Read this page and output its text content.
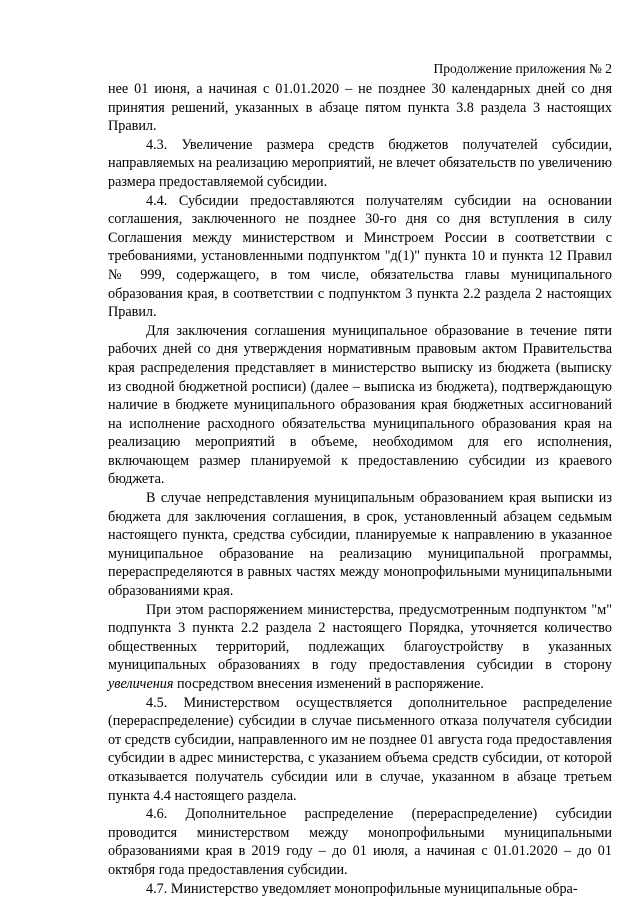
Продолжение приложения № 2

нее 01 июня, а начиная с 01.01.2020 – не позднее 30 календарных дней со дня принятия решений, указанных в абзаце пятом пункта 3.8 раздела 3 настоящих Правил.

4.3. Увеличение размера средств бюджетов получателей субсидии, направляемых на реализацию мероприятий, не влечет обязательств по увеличению размера предоставляемой субсидии.

4.4. Субсидии предоставляются получателям субсидии на основании соглашения, заключенного не позднее 30-го дня со дня вступления в силу Соглашения между министерством и Минстроем России в соответствии с требованиями, установленными подпунктом "д(1)" пункта 10 и пункта 12 Правил № 999, содержащего, в том числе, обязательства главы муниципального образования края, в соответствии с подпунктом 3 пункта 2.2 раздела 2 настоящих Правил.

Для заключения соглашения муниципальное образование в течение пяти рабочих дней со дня утверждения нормативным правовым актом Правительства края распределения представляет в министерство выписку из бюджета (выписку из сводной бюджетной росписи) (далее – выписка из бюджета), подтверждающую наличие в бюджете муниципального образования края бюджетных ассигнований на исполнение расходного обязательства муниципального образования края на реализацию мероприятий в объеме, необходимом для его исполнения, включающем размер планируемой к предоставлению субсидии из краевого бюджета.

В случае непредставления муниципальным образованием края выписки из бюджета для заключения соглашения, в срок, установленный абзацем седьмым настоящего пункта, средства субсидии, планируемые к направлению в указанное муниципальное образование на реализацию муниципальной программы, перераспределяются в равных частях между монопрофильными муниципальными образованиями края.

При этом распоряжением министерства, предусмотренным подпунктом "м" подпункта 3 пункта 2.2 раздела 2 настоящего Порядка, уточняется количество общественных территорий, подлежащих благоустройству в указанных муниципальных образованиях в году предоставления субсидии в сторону увеличения посредством внесения изменений в распоряжение.

4.5. Министерством осуществляется дополнительное распределение (перераспределение) субсидии в случае письменного отказа получателя субсидии от средств субсидии, направленного им не позднее 01 августа года предоставления субсидии в адрес министерства, с указанием объема средств субсидии, от которой отказывается получатель субсидии или в случае, указанном в абзаце третьем пункта 4.4 настоящего раздела.

4.6. Дополнительное распределение (перераспределение) субсидии проводится министерством между монопрофильными муниципальными образованиями края в 2019 году – до 01 июля, а начиная с 01.01.2020 – до 01 октября года предоставления субсидии.

4.7. Министерство уведомляет монопрофильные муниципальные обра-
